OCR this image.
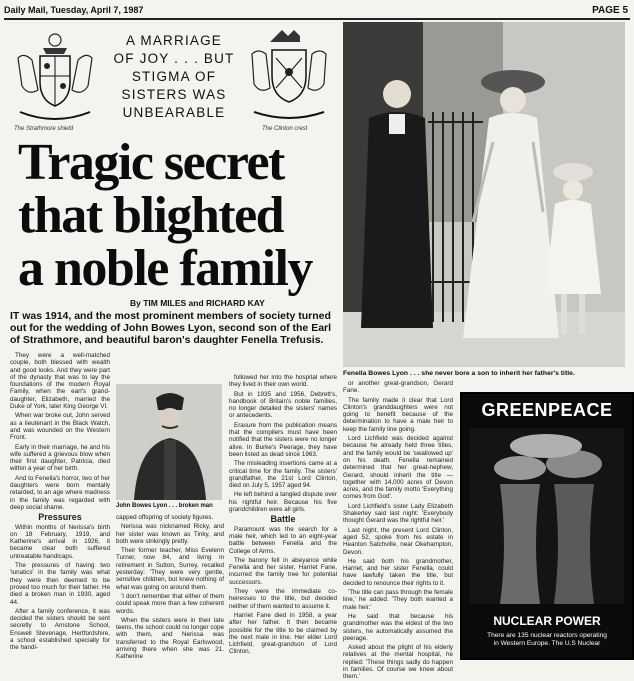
Daily Mail, Tuesday, April 7, 1987	PAGE 5
The Strathmore shield
A MARRIAGE
OF JOY . . . BUT
STIGMA OF
SISTERS WAS
UNBEARABLE
The Clinton crest
Tragic secret
that blighted
a noble family
Fenella Bowes Lyon . . . she never bore a son to inherit her father's title.
By TIM MILES and RICHARD KAY
IT was 1914, and the most prominent members of society turned out for the wedding of John Bowes Lyon, second son of the Earl of Strathmore, and beautiful baron's daughter Fenella Trefusis.

They were a well-matched couple, both blessed with wealth and good looks. And they were part of the dynasty that was to lay the foundations of the modern Royal Family, when the earl's grand-daughter, Elizabeth, married the Duke of York, later King George VI.

When war broke out, John served as a lieutenant in the Black Watch, and was wounded on the Western Front.

Early in their marriage, he and his wife suffered a grievous blow when their first daughter, Patricia, died within a year of her birth.

And to Fenella's horror, two of her daughters were born mentally retarded, to an age where madness in the family was regarded with deep social shame.

Pressures

Within months of Nerissa's birth on 18 February, 1919, and Katherine's arrival in 1926, it became clear both suffered untreatable handicaps.

The pressures of having two 'lunatics' in the family was what they were then deemed to be proved too much for their father. He died a broken man in 1930, aged 44.

After a family conference, it was decided the sisters should be sent secretly to Arnstone School, Enswell Stevenage, Hertfordshire, a school established specially for the handi-

John Bowes Lyon . . . broken man

capped offspring of society figures.

Nerissa was nicknamed Ricky, and her sister was known as Tinky, and both were strikingly pretty.

Their former teacher, Miss Evelenn Turner, now 84, and living in retirement in Sutton, Surrey, recalled yesterday: 'They were very gentle, sensitive children, but knew nothing of what was going on around them.

'I don't remember that either of them could speak more than a few coherent words.

When the sisters were in their late teens, the school could no longer cope with them, and Nerissa was transferred to the Royal Earlswood, arriving there when she was 21. Katherine

followed her into the hospital where they lived in their own world.

But in 1935 and 1956, Debrett's, handbook of Britain's noble families, no longer detailed the sisters' names or antecedents.

Erasure from the publication means that the compilers must have been notified that the sisters were no longer alive. In Burke's Peerage, they have been listed as dead since 1963.

The misleading insertions came at a critical time for the family. The sisters' grandfather, the 21st Lord Clinton, died on July 5, 1957 aged 94.

He left behind a tangled dispute over his rightful heir. Because his five grandchildren were all girls.

Battle

Paramount was the search for a male heir, which led to an eight-year battle between Fenella and the College of Arms.

The barony fell in abeyance while Fenella and her sister, Harriet Fane, incurred the family tree for potential successors.

They were the immediate co-heiresses to the title, but decided neither of them wanted to assume it.

Harriet Fane died in 1958, a year after her father. It then became possible for the title to be claimed by the next male in line. Her elder Lord Lichfield, great-grandson of Lord Clinton,

or another great-grandson, Gerard Fane.

The family made it clear that Lord Clinton's granddaughters were not going to benefit because of the determination to have a male heir to keep the family line going.

Lord Lichfield was decided against because he already held three titles, and the family would be 'swallowed up' on his death. Fenella remained determined that her great-nephew, Gerard, should inherit the title — together with 14,000 acres of Devon acres, and the family motto 'Everything comes from God'.

Lord Lichfield's sister Lady Elizabeth Shakerley said last night: 'Everybody thought Gerard was the rightful heir.'

Last night, the present Lord Clinton, aged 52, spoke from his estate in Heanton Satchville, near Okehampton, Devon.

He said both his grandmother, Harriet, and her sister Fenella, could have lawfully taken the title, but decided to renounce their rights to it.

'The title can pass through the female line,' he added. 'They both wanted a male heir.'

He said that because his grandmother was the eldest of the two sisters, he automatically assumed the peerage.

Asked about the plight of his elderly relatives at the mental hospital, he replied: 'These things sadly do happen in families. Of course we knew about them.'

GREENPEACE
NUCLEAR POWER
There are 135 nuclear reactors operating
in Western Europe. The U.S Nuclear
